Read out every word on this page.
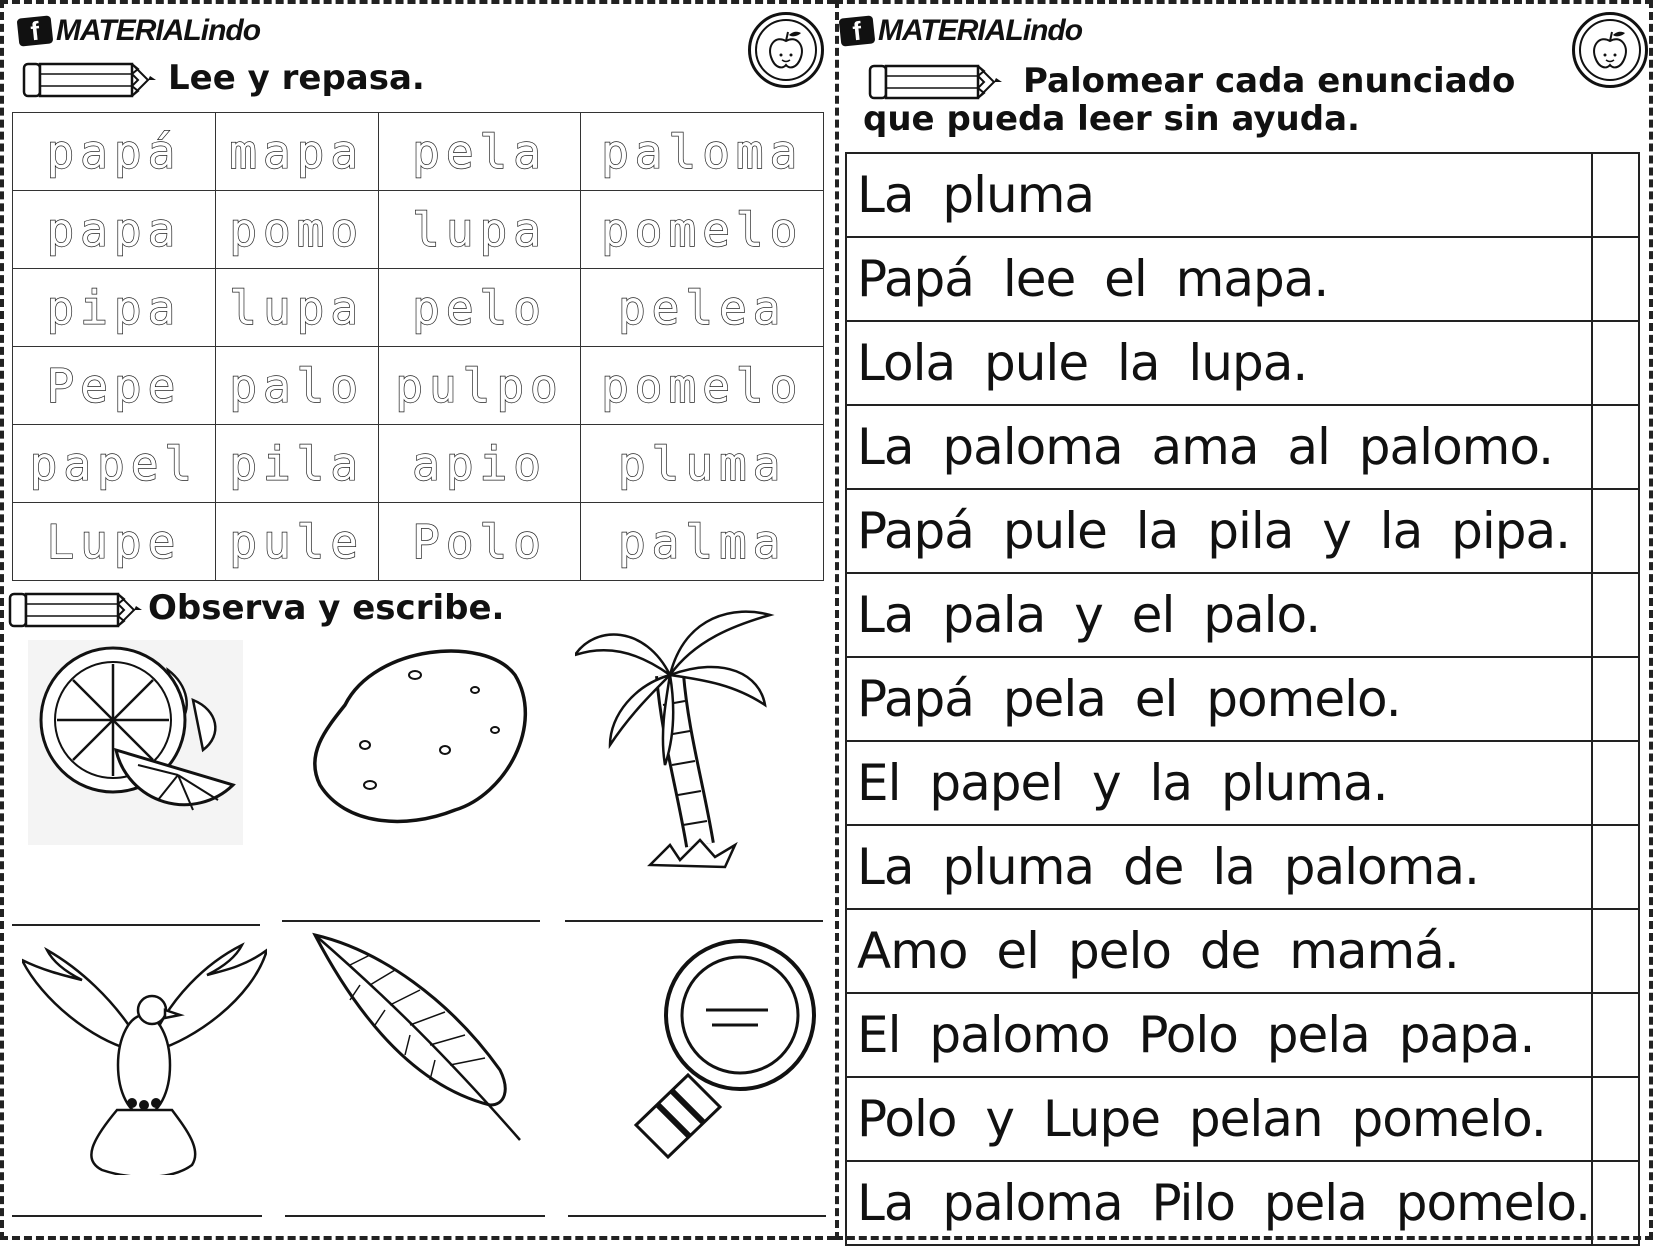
f MATERIALindo
Lee y repasa.
papá	mapa	pela	paloma
papa	pomo	lupa	pomelo
pipa	lupa	pelo	pelea
Pepe	palo	pulpo	pomelo
papel	pila	apio	pluma
Lupe	pule	Polo	palma
Observa y escribe.
f MATERIALindo
Palomear cada enunciado que pueda leer sin ayuda.
La pluma	
Papá lee el mapa.	
Lola pule la lupa.	
La paloma ama al palomo.	
Papá pule la pila y la pipa.	
La pala y el palo.	
Papá pela el pomelo.	
El papel y la pluma.	
La pluma de la paloma.	
Amo el pelo de mamá.	
El palomo Polo pela papa.	
Polo y Lupe pelan pomelo.	
La paloma Pilo pela pomelo.	
